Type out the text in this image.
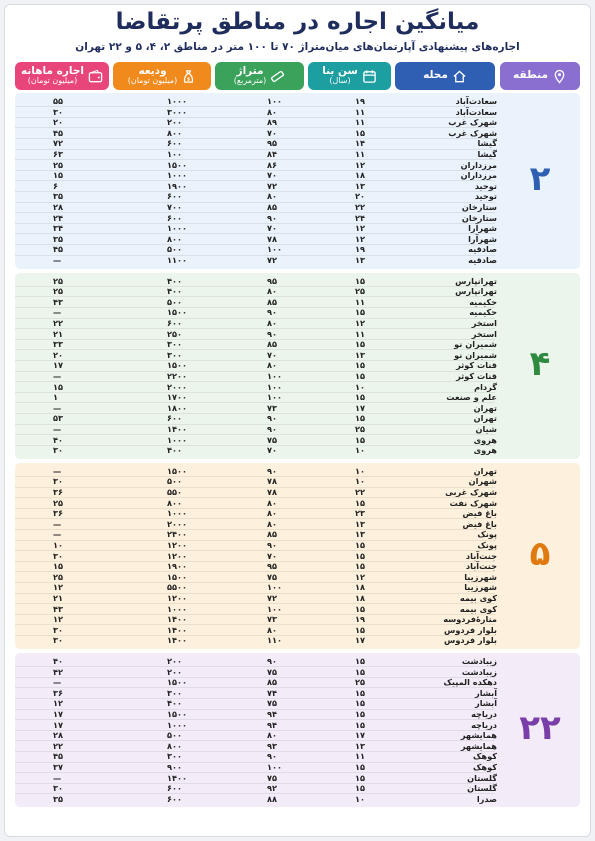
میانگین اجاره در مناطق پرتقاضا
اجاره‌های پیشنهادی آپارتمان‌های میان‌متراژ ۷۰ تا ۱۰۰ متر در مناطق ۲، ۴، ۵ و ۲۲ تهران
منطقه
محله
سن بنا
(سال)
متراژ
(مترمربع)
$
ودیعه
(میلیون تومان)
اجاره ماهانه
(میلیون تومان)
۲
سعادت‌آباد
۱۹
۱۰۰
۱۰۰۰
۵۵
سعادت‌آباد
۱۱
۸۰
۳۰۰۰
۳۰
شهرک غرب
۱۱
۸۹
۲۰۰
۲۰
شهرک غرب
۱۵
۷۰
۸۰۰
۴۵
گیشا
۱۴
۹۵
۶۰۰
۷۲
گیشا
۱۱
۸۴
۱۰۰
۶۳
مرزداران
۱۲
۸۶
۱۵۰۰
۲۵
مرزداران
۱۸
۷۰
۱۰۰۰
۱۵
توحید
۱۳
۷۲
۱۹۰۰
۶
توحید
۲۰
۸۰
۶۰۰
۳۵
ستارخان
۲۲
۸۵
۷۰۰
۲۸
ستارخان
۲۴
۹۰
۶۰۰
۲۴
شهرآرا
۱۲
۷۰
۱۰۰۰
۳۴
شهرآرا
۱۲
۷۸
۸۰۰
۳۵
صادقیه
۱۹
۱۰۰
۵۰۰
۴۵
صادقیه
۱۳
۷۲
۱۱۰۰
—
۴
تهرانپارس
۱۵
۹۵
۴۰۰
۲۵
تهرانپارس
۲۵
۸۰
۴۰۰
۲۵
حکیمیه
۱۱
۸۵
۵۰۰
۴۳
حکیمیه
۱۵
۹۰
۱۵۰۰
—
استخر
۱۲
۸۰
۶۰۰
۲۲
استخر
۱۱
۹۰
۲۵۰
۲۱
شمیران نو
۱۵
۸۵
۳۰۰
۳۳
شمیران نو
۱۳
۷۰
۳۰۰
۲۰
قنات کوثر
۱۵
۸۰
۱۵۰۰
۱۷
قنات کوثر
۱۵
۱۰۰
۲۲۰۰
—
گردام
۱۰
۱۰۰
۲۰۰۰
۱۵
علم و صنعت
۱۵
۱۰۰
۱۷۰۰
۱
تهران
۱۷
۷۳
۱۸۰۰
—
تهران
۱۵
۹۰
۶۰۰
۵۳
شیان
۲۵
۹۰
۱۴۰۰
—
هروی
۱۵
۷۵
۱۰۰۰
۴۰
هروی
۱۰
۷۰
۴۰۰
۳۰
۵
تهران
۱۰
۹۰
۱۵۰۰
—
شهران
۱۰
۷۸
۵۰۰
۳۰
شهرک غربی
۲۲
۷۸
۵۵۰
۳۶
شهرک نفت
۱۵
۸۰
۸۰۰
۲۵
باغ فیض
۲۳
۸۰
۱۰۰۰
۳۶
باغ فیض
۱۳
۸۰
۲۰۰۰
—
پونک
۱۳
۸۵
۲۴۰۰
—
پونک
۱۵
۹۰
۱۲۰۰
۱۰
جنت‌آباد
۱۵
۷۰
۱۲۰۰
۳۰
جنت‌آباد
۱۵
۹۵
۱۹۰۰
۱۵
شهرزیبا
۱۲
۷۵
۱۵۰۰
۲۵
شهرزیبا
۱۸
۱۰۰
۵۵۰۰
۱۲
کوی بیمه
۱۸
۷۲
۱۲۰۰
۲۱
کوی بیمه
۱۵
۱۰۰
۱۰۰۰
۴۳
منارۀفردوسه
۱۹
۷۳
۱۴۰۰
۱۲
بلوار فردوس
۱۵
۸۰
۱۴۰۰
۳۰
بلوار فردوس
۱۷
۱۱۰
۱۴۰۰
۳۰
۲۲
زیبادشت
۱۵
۹۰
۲۰۰
۴۰
زیبادشت
۱۵
۷۵
۲۰۰
۴۲
دهکده المپیک
۲۵
۸۵
۱۵۰۰
—
آبشار
۱۵
۷۴
۳۰۰
۳۶
آبشار
۱۵
۷۵
۴۰۰
۱۲
دریاچه
۱۵
۹۴
۱۵۰۰
۱۷
دریاچه
۱۵
۹۴
۱۰۰۰
۱۷
همایشهر
۱۷
۸۰
۵۰۰
۲۸
همایشهر
۱۳
۹۳
۸۰۰
۲۲
کوهک
۱۱
۹۰
۳۰۰
۴۵
کوهک
۱۵
۱۰۰
۹۰۰
۳۷
گلستان
۱۵
۷۵
۱۴۰۰
—
گلستان
۱۵
۹۲
۶۰۰
۳۰
صدرا
۱۰
۸۸
۶۰۰
۳۵
